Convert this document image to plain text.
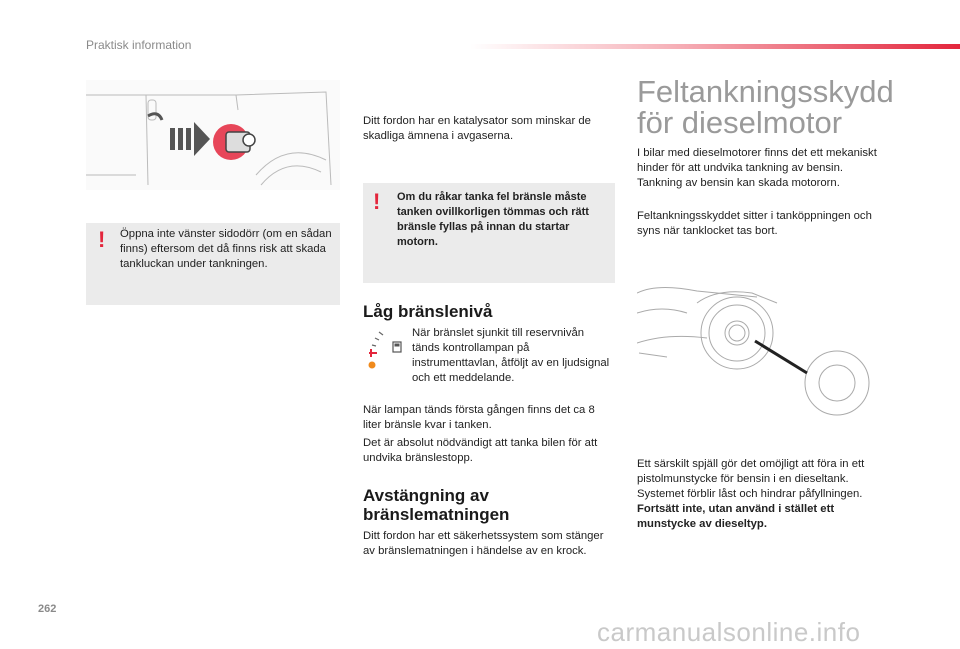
Praktisk information
! Öppna inte vänster sidodörr (om en sådan finns) eftersom det då finns risk att skada tankluckan under tankningen.
Ditt fordon har en katalysator som minskar de skadliga ämnena i avgaserna.
! Om du råkar tanka fel bränsle måste tanken ovillkorligen tömmas och rätt bränsle fyllas på innan du startar motorn.
Låg bränslenivå
När bränslet sjunkit till reservnivån tänds kontrollampan på instrumenttavlan, åtföljt av en ljudsignal och ett meddelande.
När lampan tänds första gången finns det ca 8 liter bränsle kvar i tanken.
Det är absolut nödvändigt att tanka bilen för att undvika bränslestopp.
Avstängning av
bränslematningen
Ditt fordon har ett säkerhetssystem som stänger av bränslematningen i händelse av en krock.
Feltankningsskydd
för dieselmotor
I bilar med dieselmotorer finns det ett mekaniskt hinder för att undvika tankning av bensin. Tankning av bensin kan skada motororn.
Feltankningsskyddet sitter i tanköppningen och syns när tanklocket tas bort.
Ett särskilt spjäll gör det omöjligt att föra in ett pistolmunstycke för bensin i en dieseltank. Systemet förblir låst och hindrar påfyllningen.
Fortsätt inte, utan använd i stället ett munstycke av dieseltyp.
262
carmanualsonline.info
